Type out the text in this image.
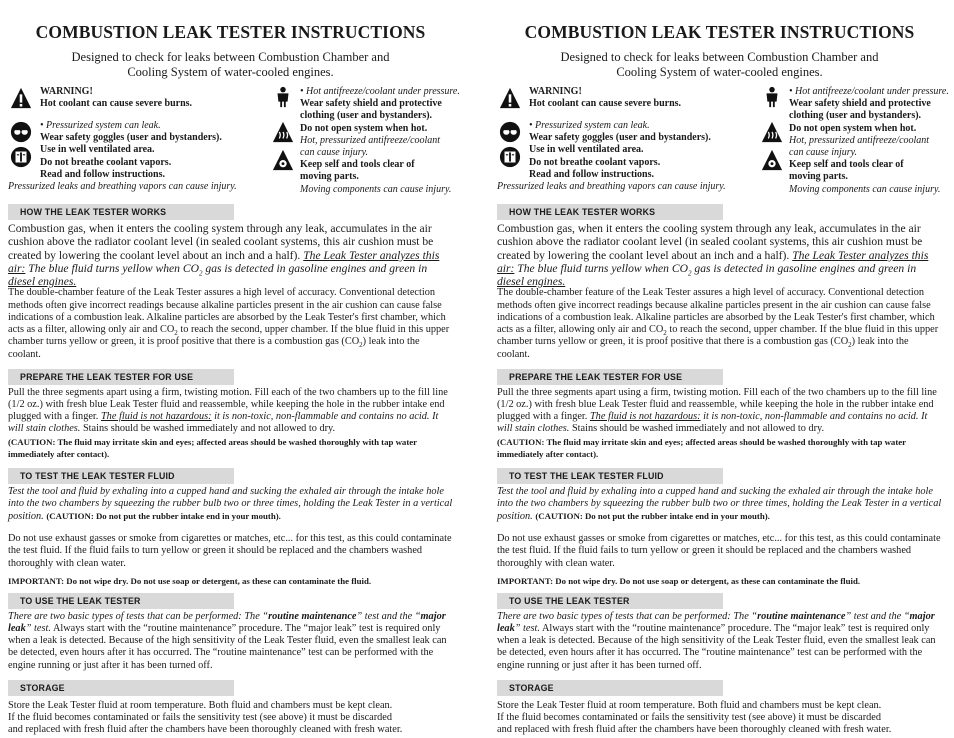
COMBUSTION LEAK TESTER INSTRUCTIONS
Designed to check for leaks between Combustion Chamber and
Cooling System of water-cooled engines.
WARNING!
Hot coolant can cause severe burns.
• Pressurized system can leak.
Wear safety goggles (user and bystanders).
Use in well ventilated area.
Do not breathe coolant vapors.
Read and follow instructions.
Pressurized leaks and breathing vapors can cause injury.
• Hot antifreeze/coolant under pressure.
Wear safety shield and protective
clothing (user and bystanders).
Do not open system when hot.
Hot, pressurized antifreeze/coolant
can cause injury.
Keep self and tools clear of
moving parts.
Moving components can cause injury.
HOW THE LEAK TESTER WORKS
Combustion gas, when it enters the cooling system through any leak, accumulates in the air cushion above the radiator coolant level (in sealed coolant systems, this air cushion must be created by lowering the coolant level about an inch and a half). The Leak Tester analyzes this air: The blue fluid turns yellow when $CO_2$ gas is detected in gasoline engines and green in diesel engines.
The double-chamber feature of the Leak Tester assures a high level of accuracy. Conventional detection methods often give incorrect readings because alkaline particles present in the air cushion can cause false indications of a combustion leak. Alkaline particles are absorbed by the Leak Tester's first chamber, which acts as a filter, allowing only air and $CO_2$ to reach the second, upper chamber. If the blue fluid in this upper chamber turns yellow or green, it is proof positive that there is a combustion gas $(CO_2)$ leak into the coolant.
PREPARE THE LEAK TESTER FOR USE
Pull the three segments apart using a firm, twisting motion. Fill each of the two chambers up to the fill line (1/2 oz.) with fresh blue Leak Tester fluid and reassemble, while keeping the hole in the rubber intake end plugged with a finger. The fluid is not hazardous: it is non-toxic, non-flammable and contains no acid. It will stain clothes. Stains should be washed immediately and not allowed to dry.
(CAUTION: The fluid may irritate skin and eyes; affected areas should be washed thoroughly with tap water immediately after contact).
TO TEST THE LEAK TESTER FLUID
Test the tool and fluid by exhaling into a cupped hand and sucking the exhaled air through the intake hole into the two chambers by squeezing the rubber bulb two or three times, holding the Leak Tester in a vertical position. (CAUTION: Do not put the rubber intake end in your mouth).
Do not use exhaust gasses or smoke from cigarettes or matches, etc... for this test, as this could contaminate the test fluid. If the fluid fails to turn yellow or green it should be replaced and the chambers washed thoroughly with clean water.
IMPORTANT: Do not wipe dry. Do not use soap or detergent, as these can contaminate the fluid.
TO USE THE LEAK TESTER
There are two basic types of tests that can be performed: The “routine maintenance” test and the “major leak” test. Always start with the “routine maintenance” procedure. The “major leak” test is required only when a leak is detected. Because of the high sensitivity of the Leak Tester fluid, even the smallest leak can be detected, even hours after it has occurred. The “routine maintenance” test can be performed with the engine running or just after it has been turned off.
STORAGE
Store the Leak Tester fluid at room temperature. Both fluid and chambers must be kept clean.
If the fluid becomes contaminated or fails the sensitivity test (see above) it must be discarded
and replaced with fresh fluid after the chambers have been thoroughly cleaned with fresh water.
COMBUSTION LEAK TESTER INSTRUCTIONS
Designed to check for leaks between Combustion Chamber and
Cooling System of water-cooled engines.
WARNING!
Hot coolant can cause severe burns.
• Pressurized system can leak.
Wear safety goggles (user and bystanders).
Use in well ventilated area.
Do not breathe coolant vapors.
Read and follow instructions.
Pressurized leaks and breathing vapors can cause injury.
• Hot antifreeze/coolant under pressure.
Wear safety shield and protective
clothing (user and bystanders).
Do not open system when hot.
Hot, pressurized antifreeze/coolant
can cause injury.
Keep self and tools clear of
moving parts.
Moving components can cause injury.
HOW THE LEAK TESTER WORKS
Combustion gas, when it enters the cooling system through any leak, accumulates in the air cushion above the radiator coolant level (in sealed coolant systems, this air cushion must be created by lowering the coolant level about an inch and a half). The Leak Tester analyzes this air: The blue fluid turns yellow when $CO_2$ gas is detected in gasoline engines and green in diesel engines.
The double-chamber feature of the Leak Tester assures a high level of accuracy. Conventional detection methods often give incorrect readings because alkaline particles present in the air cushion can cause false indications of a combustion leak. Alkaline particles are absorbed by the Leak Tester's first chamber, which acts as a filter, allowing only air and $CO_2$ to reach the second, upper chamber. If the blue fluid in this upper chamber turns yellow or green, it is proof positive that there is a combustion gas $(CO_2)$ leak into the coolant.
PREPARE THE LEAK TESTER FOR USE
Pull the three segments apart using a firm, twisting motion. Fill each of the two chambers up to the fill line (1/2 oz.) with fresh blue Leak Tester fluid and reassemble, while keeping the hole in the rubber intake end plugged with a finger. The fluid is not hazardous: it is non-toxic, non-flammable and contains no acid. It will stain clothes. Stains should be washed immediately and not allowed to dry.
(CAUTION: The fluid may irritate skin and eyes; affected areas should be washed thoroughly with tap water immediately after contact).
TO TEST THE LEAK TESTER FLUID
Test the tool and fluid by exhaling into a cupped hand and sucking the exhaled air through the intake hole into the two chambers by squeezing the rubber bulb two or three times, holding the Leak Tester in a vertical position. (CAUTION: Do not put the rubber intake end in your mouth).
Do not use exhaust gasses or smoke from cigarettes or matches, etc... for this test, as this could contaminate the test fluid. If the fluid fails to turn yellow or green it should be replaced and the chambers washed thoroughly with clean water.
IMPORTANT: Do not wipe dry. Do not use soap or detergent, as these can contaminate the fluid.
TO USE THE LEAK TESTER
There are two basic types of tests that can be performed: The “routine maintenance” test and the “major leak” test. Always start with the “routine maintenance” procedure. The “major leak” test is required only when a leak is detected. Because of the high sensitivity of the Leak Tester fluid, even the smallest leak can be detected, even hours after it has occurred. The “routine maintenance” test can be performed with the engine running or just after it has been turned off.
STORAGE
Store the Leak Tester fluid at room temperature. Both fluid and chambers must be kept clean.
If the fluid becomes contaminated or fails the sensitivity test (see above) it must be discarded
and replaced with fresh fluid after the chambers have been thoroughly cleaned with fresh water.
